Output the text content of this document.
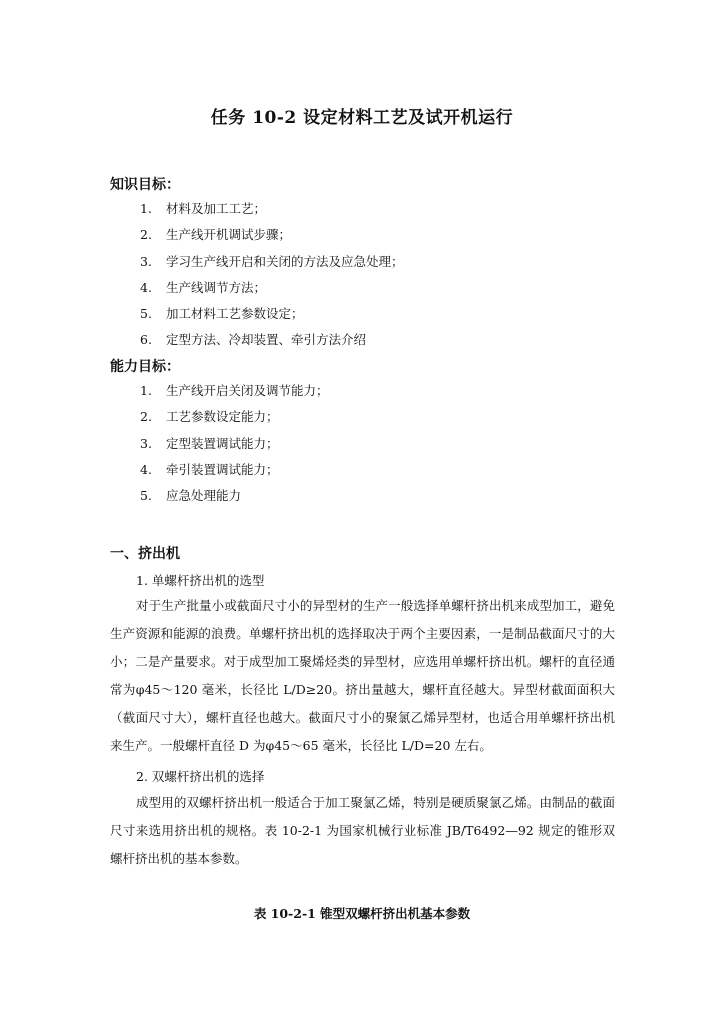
任务 10-2 设定材料工艺及试开机运行
知识目标：
1. 材料及加工工艺；
2. 生产线开机调试步骤；
3. 学习生产线开启和关闭的方法及应急处理；
4. 生产线调节方法；
5. 加工材料工艺参数设定；
6. 定型方法、冷却装置、牵引方法介绍
能力目标：
1. 生产线开启关闭及调节能力；
2. 工艺参数设定能力；
3. 定型装置调试能力；
4. 牵引装置调试能力；
5. 应急处理能力
一、挤出机
1. 单螺杆挤出机的选型

对于生产批量小或截面尺寸小的异型材的生产一般选择单螺杆挤出机来成型加工，避免生产资源和能源的浪费。单螺杆挤出机的选择取决于两个主要因素，一是制品截面尺寸的大小；二是产量要求。对于成型加工聚烯烃类的异型材，应选用单螺杆挤出机。螺杆的直径通常为φ45～120 毫米，长径比 L/D≥20。挤出量越大，螺杆直径越大。异型材截面面积大（截面尺寸大），螺杆直径也越大。截面尺寸小的聚氯乙烯异型材，也适合用单螺杆挤出机来生产。一般螺杆直径 D 为φ45～65 毫米，长径比 L/D=20 左右。

2. 双螺杆挤出机的选择

成型用的双螺杆挤出机一般适合于加工聚氯乙烯，特别是硬质聚氯乙烯。由制品的截面尺寸来选用挤出机的规格。表 10-2-1 为国家机械行业标准 JB/T6492—92 规定的锥形双螺杆挤出机的基本参数。

表 10-2-1 锥型双螺杆挤出机基本参数
